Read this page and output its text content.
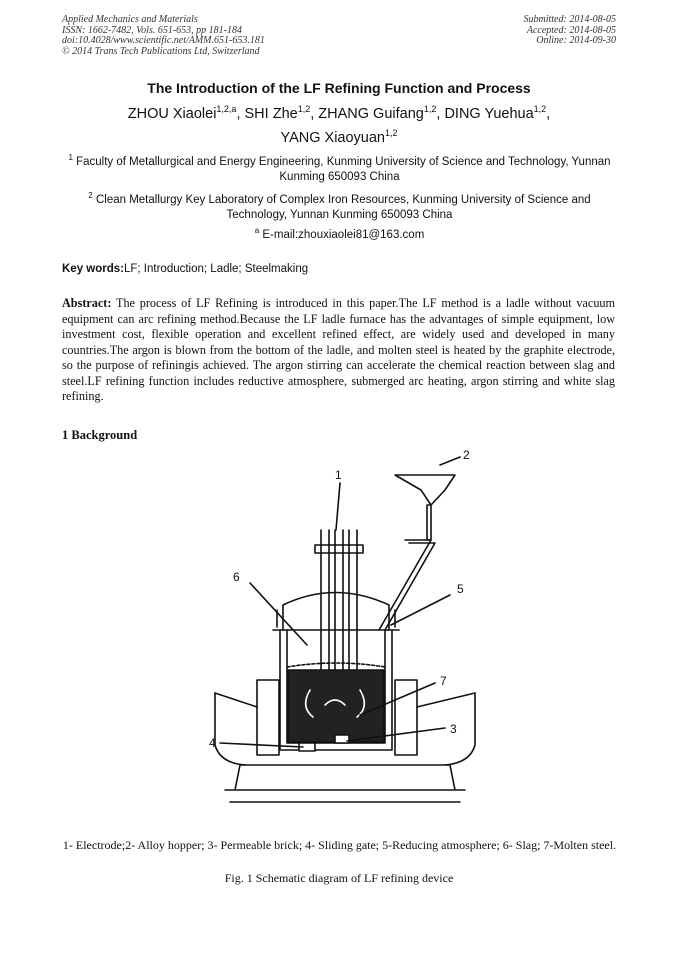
Applied Mechanics and Materials
ISSN: 1662-7482, Vols. 651-653, pp 181-184
doi:10.4028/www.scientific.net/AMM.651-653.181
© 2014 Trans Tech Publications Ltd, Switzerland
Submitted: 2014-08-05
Accepted: 2014-08-05
Online: 2014-09-30
The Introduction of the LF Refining Function and Process
ZHOU Xiaolei$^{1,2,a}$, SHI Zhe$^{1,2}$, ZHANG Guifang$^{1,2}$, DING Yuehua$^{1,2}$,
YANG Xiaoyuan$^{1,2}$
$^1$ Faculty of Metallurgical and Energy Engineering, Kunming University of Science and Technology, Yunnan Kunming 650093 China
$^2$ Clean Metallurgy Key Laboratory of Complex Iron Resources, Kunming University of Science and Technology, Yunnan Kunming 650093 China
$^a$ E-mail:zhouxiaolei81@163.com
Key words:LF; Introduction; Ladle; Steelmaking
Abstract: The process of LF Refining is introduced in this paper.The LF method is a ladle without vacuum equipment can arc refining method.Because the LF ladle furnace has the advantages of simple equipment, low investment cost, flexible operation and excellent refined effect, are widely used and developed in many countries.The argon is blown from the bottom of the ladle, and molten steel is heated by the graphite electrode, so the purpose of refiningis achieved. The argon stirring can accelerate the chemical reaction between slag and steel.LF refining function includes reductive atmosphere, submerged arc heating, argon stirring and white slag refining.
1 Background
1
2
3
4
5
6
7
1- Electrode;2- Alloy hopper; 3- Permeable brick; 4- Sliding gate; 5-Reducing atmosphere; 6- Slag; 7-Molten steel.
Fig. 1 Schematic diagram of LF refining device
